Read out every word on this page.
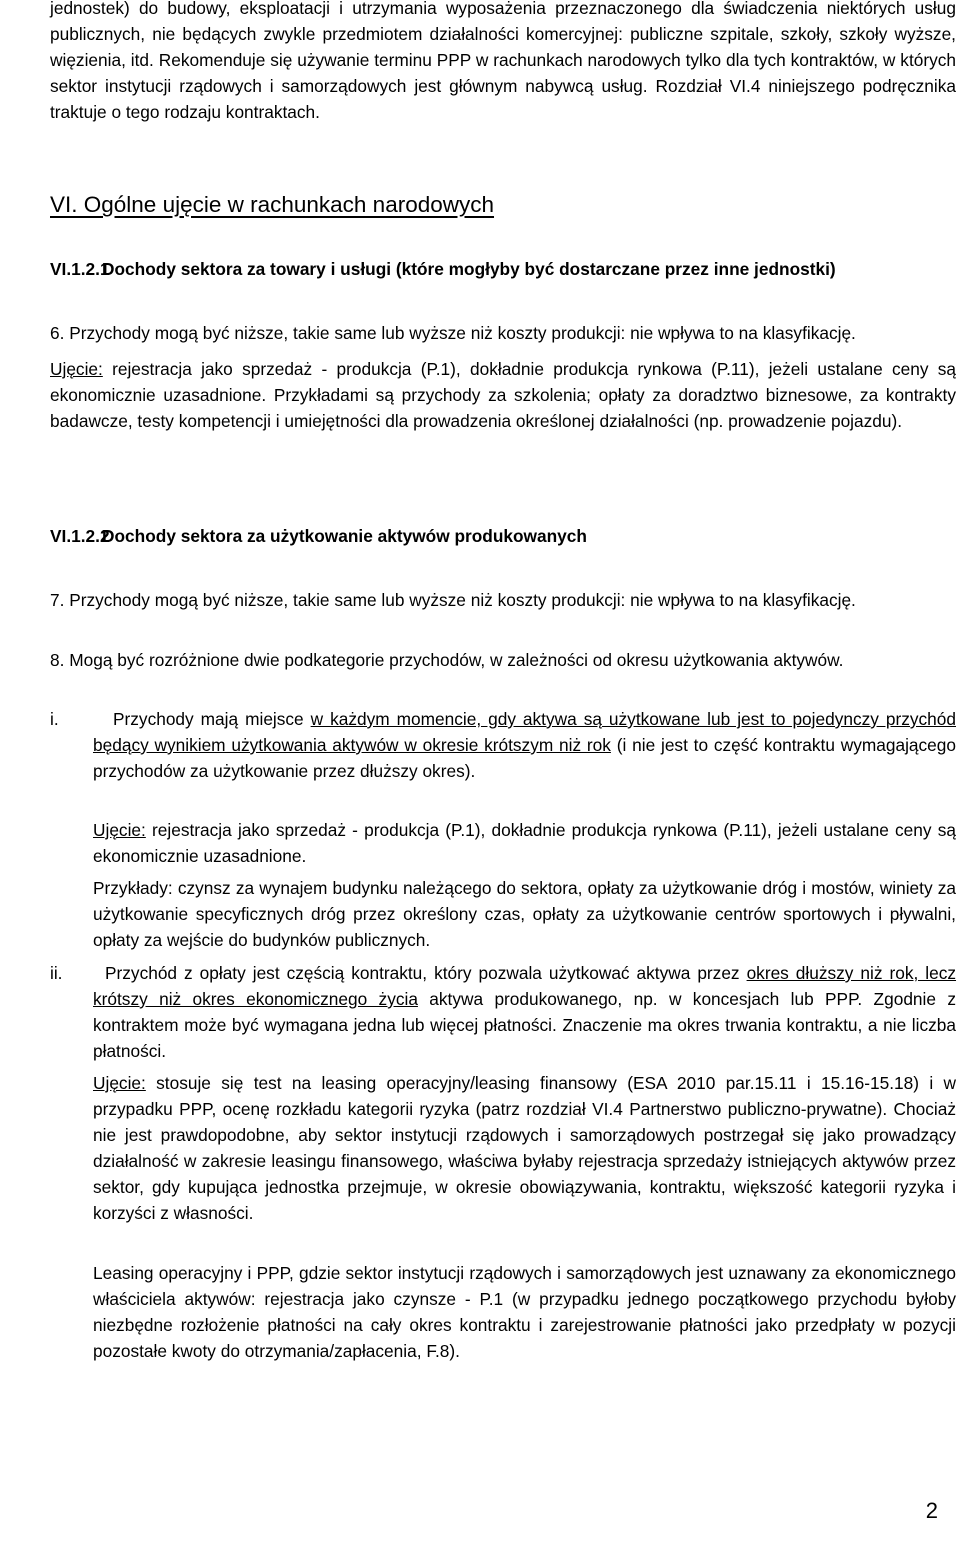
jednostek) do budowy, eksploatacji i utrzymania wyposażenia przeznaczonego dla świadczenia niektórych usług publicznych, nie będących zwykle przedmiotem działalności komercyjnej: publiczne szpitale, szkoły, szkoły wyższe, więzienia, itd. Rekomenduje się używanie terminu PPP w rachunkach narodowych tylko dla tych kontraktów, w których sektor instytucji rządowych i samorządowych jest głównym nabywcą usług. Rozdział VI.4 niniejszego podręcznika traktuje o tego rodzaju kontraktach.

VI. Ogólne ujęcie w rachunkach narodowych
VI.1.2.1Dochody sektora za towary i usługi (które mogłyby być dostarczane przez inne jednostki)
6. Przychody mogą być niższe, takie same lub wyższe niż koszty produkcji: nie wpływa to na klasyfikację.
Ujęcie: rejestracja jako sprzedaż - produkcja (P.1), dokładnie produkcja rynkowa (P.11), jeżeli ustalane ceny są ekonomicznie uzasadnione. Przykładami są przychody za szkolenia; opłaty za doradztwo biznesowe, za kontrakty badawcze, testy kompetencji i umiejętności dla prowadzenia określonej działalności (np. prowadzenie pojazdu).
VI.1.2.2Dochody sektora za użytkowanie aktywów produkowanych
7. Przychody mogą być niższe, takie same lub wyższe niż koszty produkcji: nie wpływa to na klasyfikację.
8. Mogą być rozróżnione dwie podkategorie przychodów, w zależności od okresu użytkowania aktywów.
i.	Przychody mają miejsce w każdym momencie, gdy aktywa są użytkowane lub jest to pojedynczy przychód będący wynikiem użytkowania aktywów w okresie krótszym niż rok (i nie jest to część kontraktu wymagającego przychodów za użytkowanie przez dłuższy okres).
Ujęcie: rejestracja jako sprzedaż - produkcja (P.1), dokładnie produkcja rynkowa (P.11), jeżeli ustalane ceny są ekonomicznie uzasadnione.
Przykłady: czynsz za wynajem budynku należącego do sektora, opłaty za użytkowanie dróg i mostów, winiety za użytkowanie specyficznych dróg przez określony czas, opłaty za użytkowanie centrów sportowych i pływalni, opłaty za wejście do budynków publicznych.
ii.	Przychód z opłaty jest częścią kontraktu, który pozwala użytkować aktywa przez okres dłuższy niż rok, lecz krótszy niż okres ekonomicznego życia aktywa produkowanego, np. w koncesjach lub PPP. Zgodnie z kontraktem może być wymagana jedna lub więcej płatności. Znaczenie ma okres trwania kontraktu, a nie liczba płatności.
Ujęcie: stosuje się test na leasing operacyjny/leasing finansowy (ESA 2010 par.15.11 i 15.16-15.18) i w przypadku PPP, ocenę rozkładu kategorii ryzyka (patrz rozdział VI.4 Partnerstwo publiczno-prywatne). Chociaż nie jest prawdopodobne, aby sektor instytucji rządowych i samorządowych postrzegał się jako prowadzący działalność w zakresie leasingu finansowego, właściwa byłaby rejestracja sprzedaży istniejących aktywów przez sektor, gdy kupująca jednostka przejmuje, w okresie obowiązywania, kontraktu, większość kategorii ryzyka i korzyści z własności.
Leasing operacyjny i PPP, gdzie sektor instytucji rządowych i samorządowych jest uznawany za ekonomicznego właściciela aktywów: rejestracja jako czynsze - P.1 (w przypadku jednego początkowego przychodu byłoby niezbędne rozłożenie płatności na cały okres kontraktu i zarejestrowanie płatności jako przedpłaty w pozycji pozostałe kwoty do otrzymania/zapłacenia, F.8).
2
